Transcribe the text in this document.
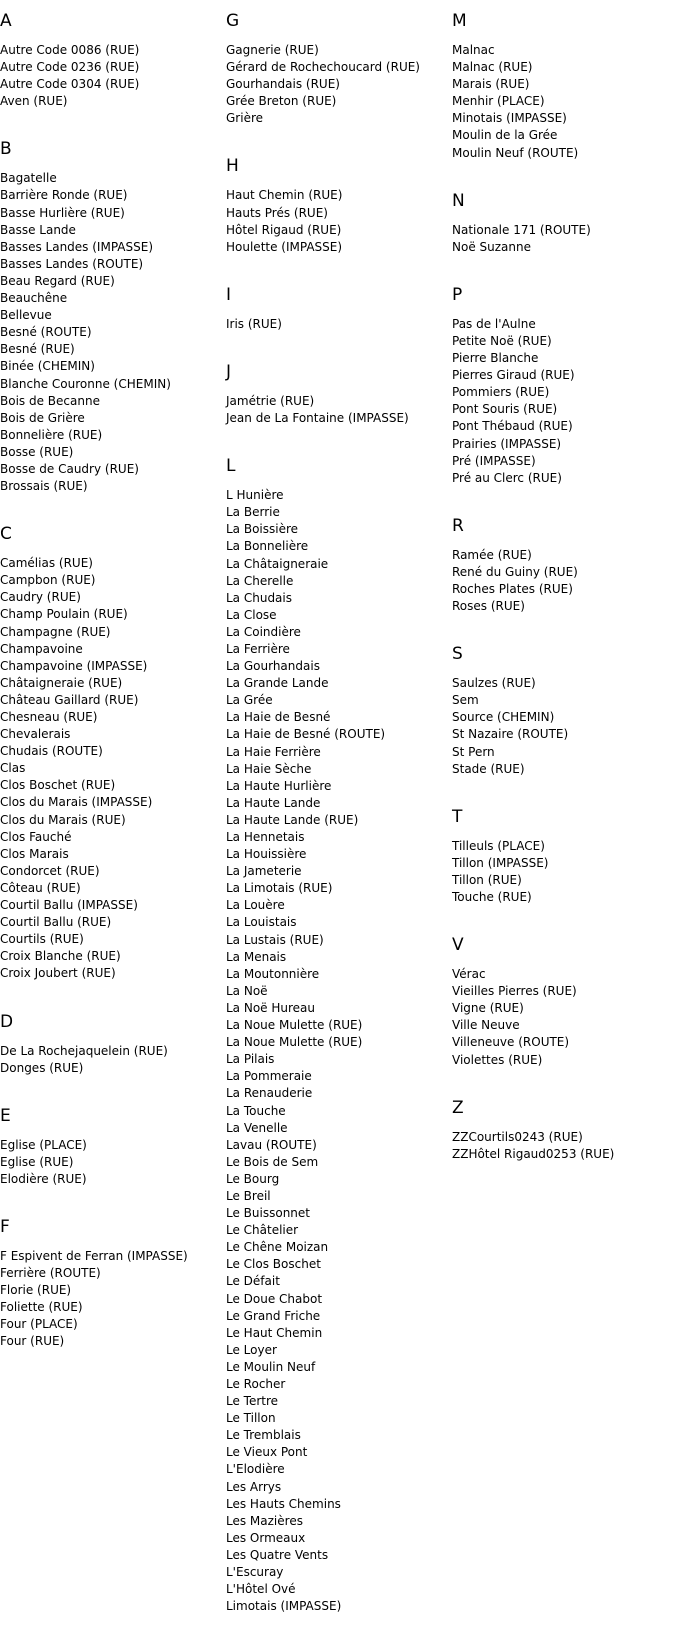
A
Autre Code 0086 (RUE)
Autre Code 0236 (RUE)
Autre Code 0304 (RUE)
Aven (RUE)
B
Bagatelle
Barrière Ronde (RUE)
Basse Hurlière (RUE)
Basse Lande
Basses Landes (IMPASSE)
Basses Landes (ROUTE)
Beau Regard (RUE)
Beauchêne
Bellevue
Besné (ROUTE)
Besné (RUE)
Binée (CHEMIN)
Blanche Couronne (CHEMIN)
Bois de Becanne
Bois de Grière
Bonnelière (RUE)
Bosse (RUE)
Bosse de Caudry (RUE)
Brossais (RUE)
C
Camélias (RUE)
Campbon (RUE)
Caudry (RUE)
Champ Poulain (RUE)
Champagne (RUE)
Champavoine
Champavoine (IMPASSE)
Châtaigneraie (RUE)
Château Gaillard (RUE)
Chesneau (RUE)
Chevalerais
Chudais (ROUTE)
Clas
Clos Boschet (RUE)
Clos du Marais (IMPASSE)
Clos du Marais (RUE)
Clos Fauché
Clos Marais
Condorcet (RUE)
Côteau (RUE)
Courtil Ballu (IMPASSE)
Courtil Ballu (RUE)
Courtils (RUE)
Croix Blanche (RUE)
Croix Joubert (RUE)
D
De La Rochejaquelein (RUE)
Donges (RUE)
E
Eglise (PLACE)
Eglise (RUE)
Elodière (RUE)
F
F Espivent de Ferran (IMPASSE)
Ferrière (ROUTE)
Florie (RUE)
Foliette (RUE)
Four (PLACE)
Four (RUE)
G
Gagnerie (RUE)
Gérard de Rochechoucard (RUE)
Gourhandais (RUE)
Grée Breton (RUE)
Grière
H
Haut Chemin (RUE)
Hauts Prés (RUE)
Hôtel Rigaud (RUE)
Houlette (IMPASSE)
I
Iris (RUE)
J
Jamétrie (RUE)
Jean de La Fontaine (IMPASSE)
L
L Hunière
La Berrie
La Boissière
La Bonnelière
La Châtaigneraie
La Cherelle
La Chudais
La Close
La Coindière
La Ferrière
La Gourhandais
La Grande Lande
La Grée
La Haie de Besné
La Haie de Besné (ROUTE)
La Haie Ferrière
La Haie Sèche
La Haute Hurlière
La Haute Lande
La Haute Lande (RUE)
La Hennetais
La Houissière
La Jameterie
La Limotais (RUE)
La Louère
La Louistais
La Lustais (RUE)
La Menais
La Moutonnière
La Noë
La Noë Hureau
La Noue Mulette (RUE)
La Noue Mulette (RUE)
La Pilais
La Pommeraie
La Renauderie
La Touche
La Venelle
Lavau (ROUTE)
Le Bois de Sem
Le Bourg
Le Breil
Le Buissonnet
Le Châtelier
Le Chêne Moizan
Le Clos Boschet
Le Défait
Le Doue Chabot
Le Grand Friche
Le Haut Chemin
Le Loyer
Le Moulin Neuf
Le Rocher
Le Tertre
Le Tillon
Le Tremblais
Le Vieux Pont
L'Elodière
Les Arrys
Les Hauts Chemins
Les Mazières
Les Ormeaux
Les Quatre Vents
L'Escuray
L'Hôtel Ové
Limotais (IMPASSE)
M
Malnac
Malnac (RUE)
Marais (RUE)
Menhir (PLACE)
Minotais (IMPASSE)
Moulin de la Grée
Moulin Neuf (ROUTE)
N
Nationale 171 (ROUTE)
Noë Suzanne
P
Pas de l'Aulne
Petite Noë (RUE)
Pierre Blanche
Pierres Giraud (RUE)
Pommiers (RUE)
Pont Souris (RUE)
Pont Thébaud (RUE)
Prairies (IMPASSE)
Pré (IMPASSE)
Pré au Clerc (RUE)
R
Ramée (RUE)
René du Guiny (RUE)
Roches Plates (RUE)
Roses (RUE)
S
Saulzes (RUE)
Sem
Source (CHEMIN)
St Nazaire (ROUTE)
St Pern
Stade (RUE)
T
Tilleuls (PLACE)
Tillon (IMPASSE)
Tillon (RUE)
Touche (RUE)
V
Vérac
Vieilles Pierres (RUE)
Vigne (RUE)
Ville Neuve
Villeneuve (ROUTE)
Violettes (RUE)
Z
ZZCourtils0243 (RUE)
ZZHôtel Rigaud0253 (RUE)
